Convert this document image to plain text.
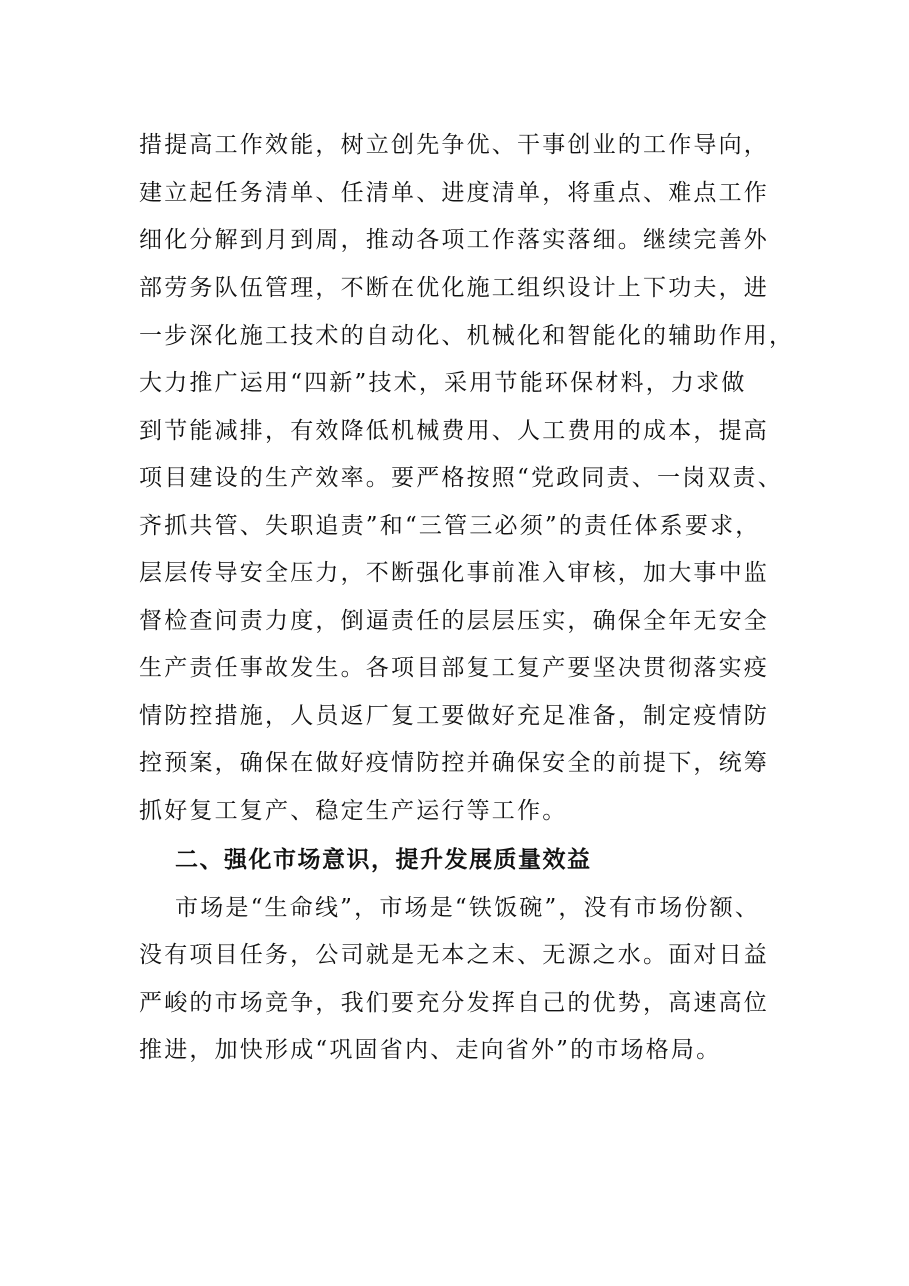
措提高工作效能，树立创先争优、干事创业的工作导向，
建立起任务清单、任清单、进度清单，将重点、难点工作
细化分解到月到周，推动各项工作落实落细。继续完善外
部劳务队伍管理，不断在优化施工组织设计上下功夫，进
一步深化施工技术的自动化、机械化和智能化的辅助作用，
大力推广运用“四新”技术，采用节能环保材料，力求做
到节能减排，有效降低机械费用、人工费用的成本，提高
项目建设的生产效率。要严格按照“党政同责、一岗双责、
齐抓共管、失职追责”和“三管三必须”的责任体系要求，
层层传导安全压力，不断强化事前准入审核，加大事中监
督检查问责力度，倒逼责任的层层压实，确保全年无安全
生产责任事故发生。各项目部复工复产要坚决贯彻落实疫
情防控措施，人员返厂复工要做好充足准备，制定疫情防
控预案，确保在做好疫情防控并确保安全的前提下，统筹
抓好复工复产、稳定生产运行等工作。
二、强化市场意识，提升发展质量效益
市场是“生命线”，市场是“铁饭碗”，没有市场份额、
没有项目任务，公司就是无本之末、无源之水。面对日益
严峻的市场竞争，我们要充分发挥自己的优势，高速高位
推进，加快形成“巩固省内、走向省外”的市场格局。
